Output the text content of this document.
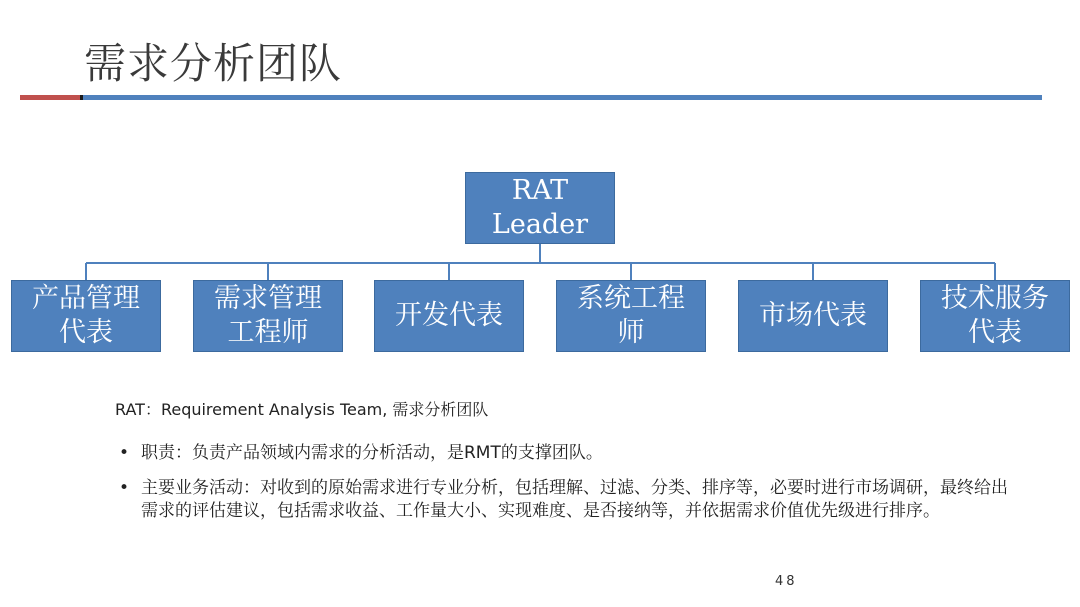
需求分析团队
RAT
Leader
产品管理
代表
需求管理
工程师
开发代表
系统工程
师
市场代表
技术服务
代表
RAT：Requirement Analysis Team, 需求分析团队
• 职责：负责产品领域内需求的分析活动，是RMT的支撑团队。
• 主要业务活动：对收到的原始需求进行专业分析，包括理解、过滤、分类、排序等，必要时进行市场调研，最终给出需求的评估建议，包括需求收益、工作量大小、实现难度、是否接纳等，并依据需求价值优先级进行排序。
48
